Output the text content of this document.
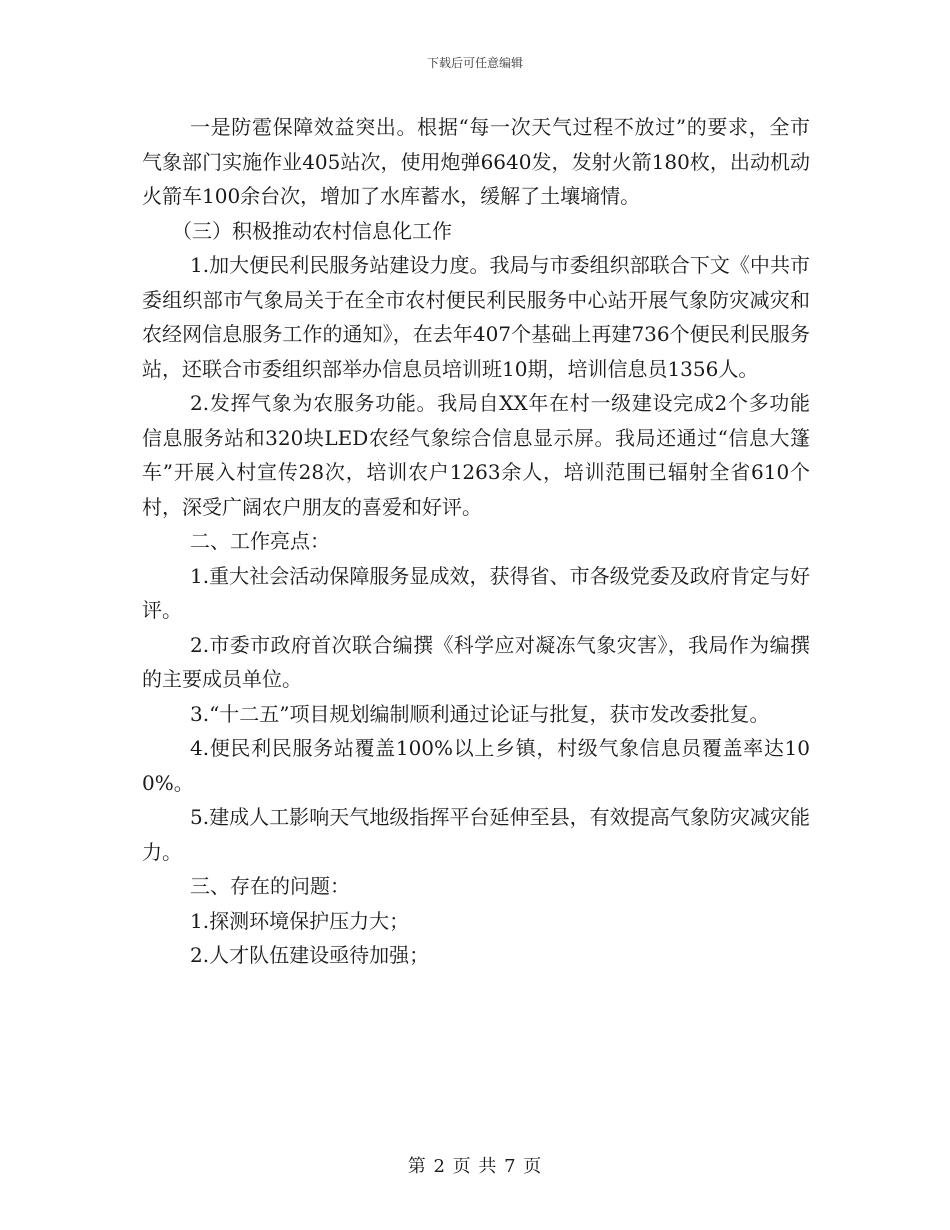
下载后可任意编辑

一是防雹保障效益突出。根据“每一次天气过程不放过”的要求，全市气象部门实施作业405站次，使用炮弹6640发，发射火箭180枚，出动机动火箭车100余台次，增加了水库蓄水，缓解了土壤墒情。

（三）积极推动农村信息化工作

1.加大便民利民服务站建设力度。我局与市委组织部联合下文《中共市委组织部市气象局关于在全市农村便民利民服务中心站开展气象防灾减灾和农经网信息服务工作的通知》，在去年407个基础上再建736个便民利民服务站，还联合市委组织部举办信息员培训班10期，培训信息员1356人。

2.发挥气象为农服务功能。我局自XX年在村一级建设完成2个多功能信息服务站和320块LED农经气象综合信息显示屏。我局还通过“信息大篷车”开展入村宣传28次，培训农户1263余人，培训范围已辐射全省610个村，深受广阔农户朋友的喜爱和好评。

二、工作亮点：

1.重大社会活动保障服务显成效，获得省、市各级党委及政府肯定与好评。

2.市委市政府首次联合编撰《科学应对凝冻气象灾害》，我局作为编撰的主要成员单位。

3.“十二五”项目规划编制顺利通过论证与批复，获市发改委批复。

4.便民利民服务站覆盖100%以上乡镇，村级气象信息员覆盖率达100%。

5.建成人工影响天气地级指挥平台延伸至县，有效提高气象防灾减灾能力。

三、存在的问题：

1.探测环境保护压力大；

2.人才队伍建设亟待加强；

第 2 页 共 7 页
